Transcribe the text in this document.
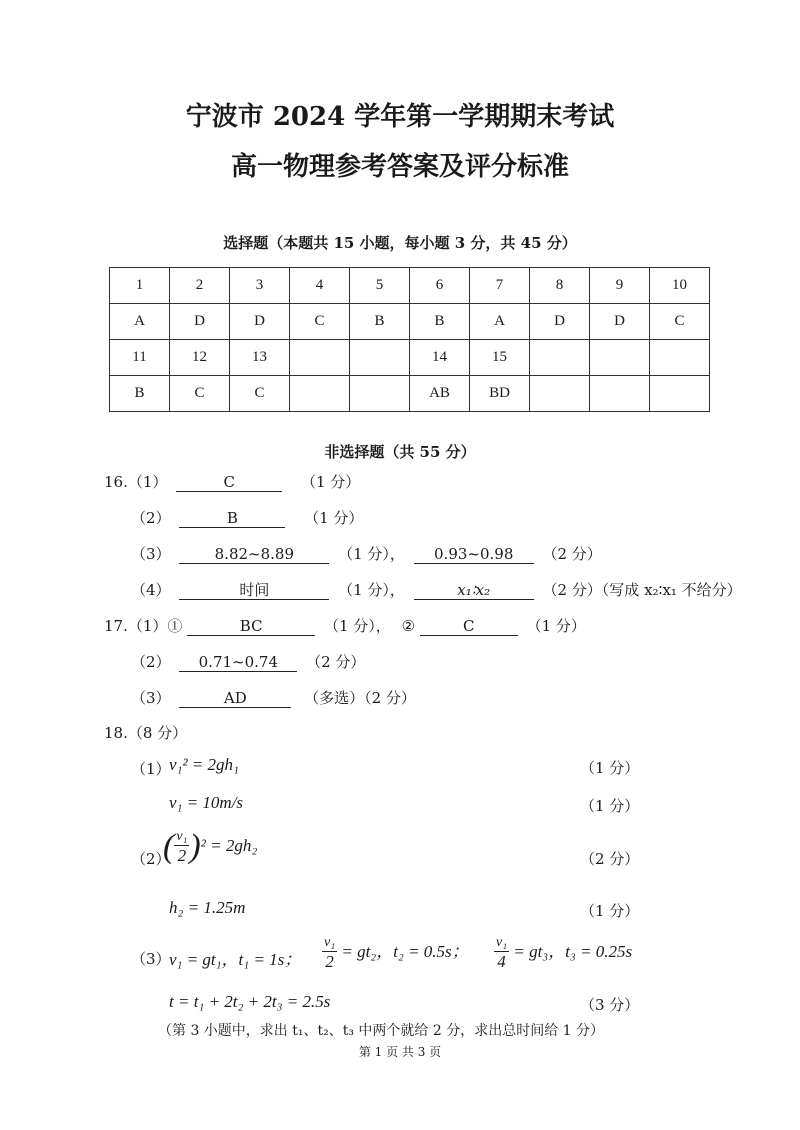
宁波市 2024 学年第一学期期末考试
高一物理参考答案及评分标准
选择题（本题共 15 小题，每小题 3 分，共 45 分）
1	2	3	4	5	6	7	8	9	10
A	D	D	C	B	B	A	D	D	C
11	12	13			14	15			
B	C	C			AB	BD			
非选择题（共 55 分）
16.（1）	C	（1 分）
（2）	B	（1 分）
（3）	8.82~8.89	（1 分）， 0.93~0.98 （2 分）
（4）	时间	（1 分），	x₁∶x₂	（2 分）（写成 x₂∶x₁ 不给分）
17.（1）①	BC	（1 分）， ②	C	（1 分）
（2） 0.71~0.74 （2 分）
（3）	AD	（多选）（2 分）
18.（8 分）
（1）
v₁² = 2gh₁	（1 分）
v₁ = 10m/s	（1 分）
（2）
( $\frac{\text{v₁}}{2} )^2 = 2gh_2$
（2 分）
h₂ = 1.25m	（1 分）
（3）
v₁ = gt₁，t₁ = 1s； $\frac{\text{v₁}}{2} = gt_2$，t₂ = 0.5s； $\frac{\text{v₁}}{4} = gt_3$，t₃ = 0.25s
t = t₁ + 2t₂ + 2t₃ = 2.5s	（3 分）
（第 3 小题中，求出 t₁、t₂、t₃ 中两个就给 2 分，求出总时间给 1 分）
第 1 页 共 3 页
